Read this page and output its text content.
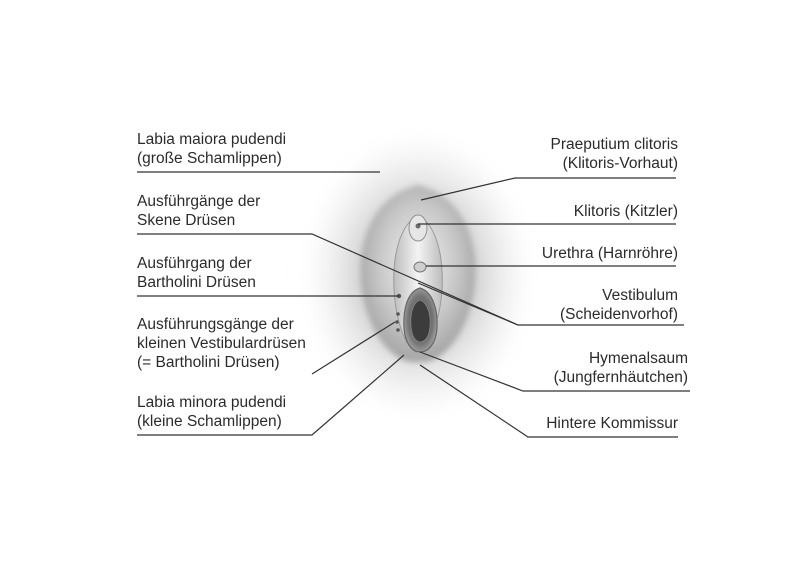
Labia maiora pudendi
(große Schamlippen)
Ausführgänge der
Skene Drüsen
Ausführgang der
Bartholini Drüsen
Ausführungsgänge der
kleinen Vestibulardrüsen
(= Bartholini Drüsen)
Labia minora pudendi
(kleine Schamlippen)
Praeputium clitoris
(Klitoris-Vorhaut)
Klitoris (Kitzler)
Urethra (Harnröhre)
Vestibulum
(Scheidenvorhof)
Hymenalsaum
(Jungfernhäutchen)
Hintere Kommissur
